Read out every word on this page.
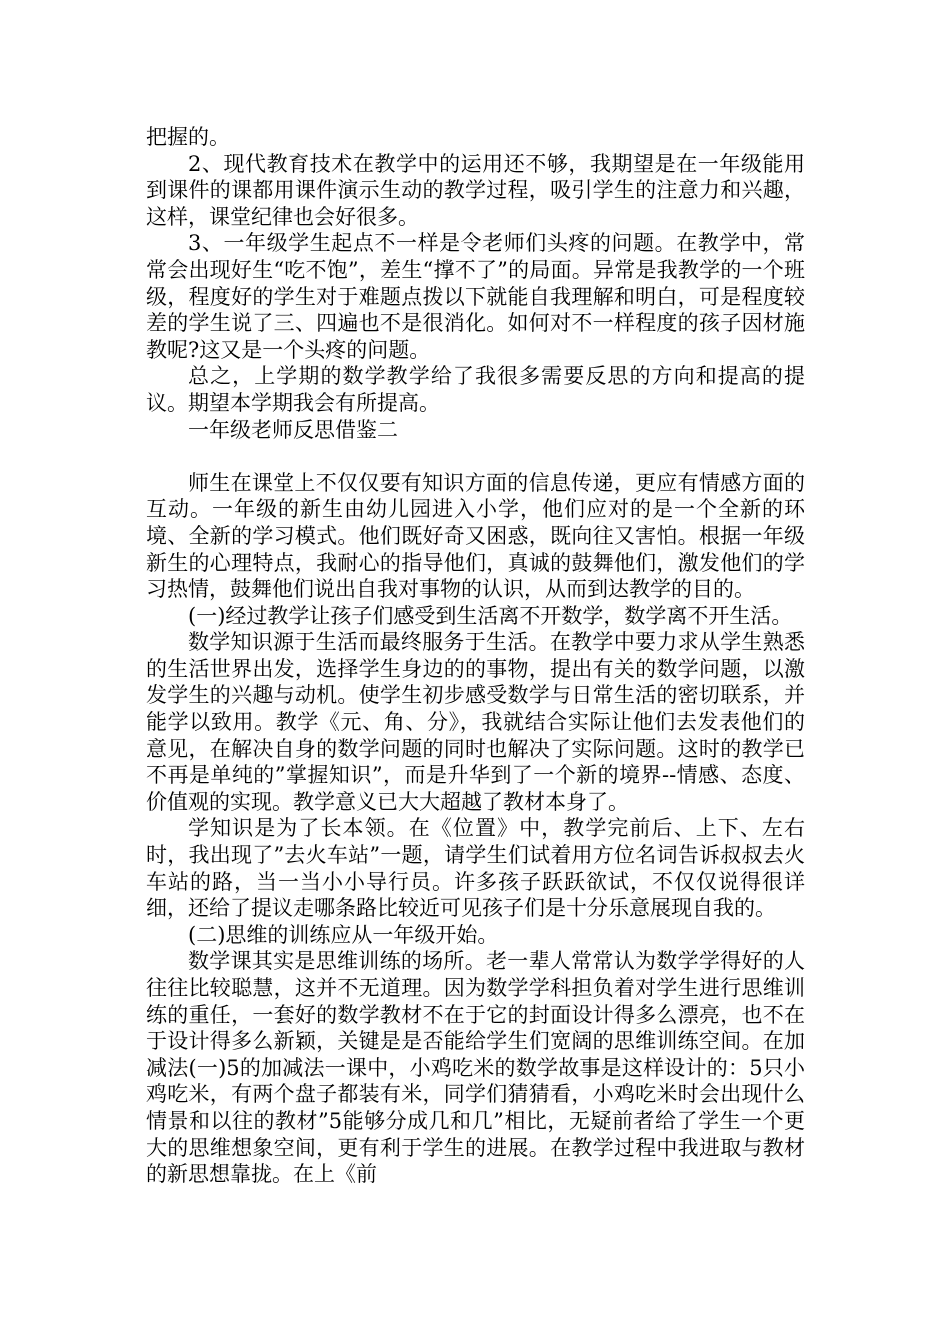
把握的。

2、现代教育技术在教学中的运用还不够，我期望是在一年级能用到课件的课都用课件演示生动的教学过程，吸引学生的注意力和兴趣，这样，课堂纪律也会好很多。

3、一年级学生起点不一样是令老师们头疼的问题。在教学中，常常会出现好生“吃不饱”，差生“撑不了”的局面。异常是我教学的一个班级，程度好的学生对于难题点拨以下就能自我理解和明白，可是程度较差的学生说了三、四遍也不是很消化。如何对不一样程度的孩子因材施教呢?这又是一个头疼的问题。

总之，上学期的数学教学给了我很多需要反思的方向和提高的提议。期望本学期我会有所提高。

一年级老师反思借鉴二

师生在课堂上不仅仅要有知识方面的信息传递，更应有情感方面的互动。一年级的新生由幼儿园进入小学，他们应对的是一个全新的环境、全新的学习模式。他们既好奇又困惑，既向往又害怕。根据一年级新生的心理特点，我耐心的指导他们，真诚的鼓舞他们，激发他们的学习热情，鼓舞他们说出自我对事物的认识，从而到达教学的目的。

(一)经过教学让孩子们感受到生活离不开数学，数学离不开生活。

数学知识源于生活而最终服务于生活。在教学中要力求从学生熟悉的生活世界出发，选择学生身边的的事物，提出有关的数学问题，以激发学生的兴趣与动机。使学生初步感受数学与日常生活的密切联系，并能学以致用。教学《元、角、分》，我就结合实际让他们去发表他们的意见，在解决自身的数学问题的同时也解决了实际问题。这时的教学已不再是单纯的”掌握知识”，而是升华到了一个新的境界--情感、态度、价值观的实现。教学意义已大大超越了教材本身了。

学知识是为了长本领。在《位置》中，教学完前后、上下、左右时，我出现了”去火车站”一题，请学生们试着用方位名词告诉叔叔去火车站的路，当一当小小导行员。许多孩子跃跃欲试，不仅仅说得很详细，还给了提议走哪条路比较近可见孩子们是十分乐意展现自我的。

(二)思维的训练应从一年级开始。

数学课其实是思维训练的场所。老一辈人常常认为数学学得好的人往往比较聪慧，这并不无道理。因为数学学科担负着对学生进行思维训练的重任，一套好的数学教材不在于它的封面设计得多么漂亮，也不在于设计得多么新颖，关键是是否能给学生们宽阔的思维训练空间。在加减法(一)5的加减法一课中，小鸡吃米的数学故事是这样设计的：5只小鸡吃米，有两个盘子都装有米，同学们猜猜看，小鸡吃米时会出现什么情景和以往的教材”5能够分成几和几”相比，无疑前者给了学生一个更大的思维想象空间，更有利于学生的进展。在教学过程中我进取与教材的新思想靠拢。在上《前
